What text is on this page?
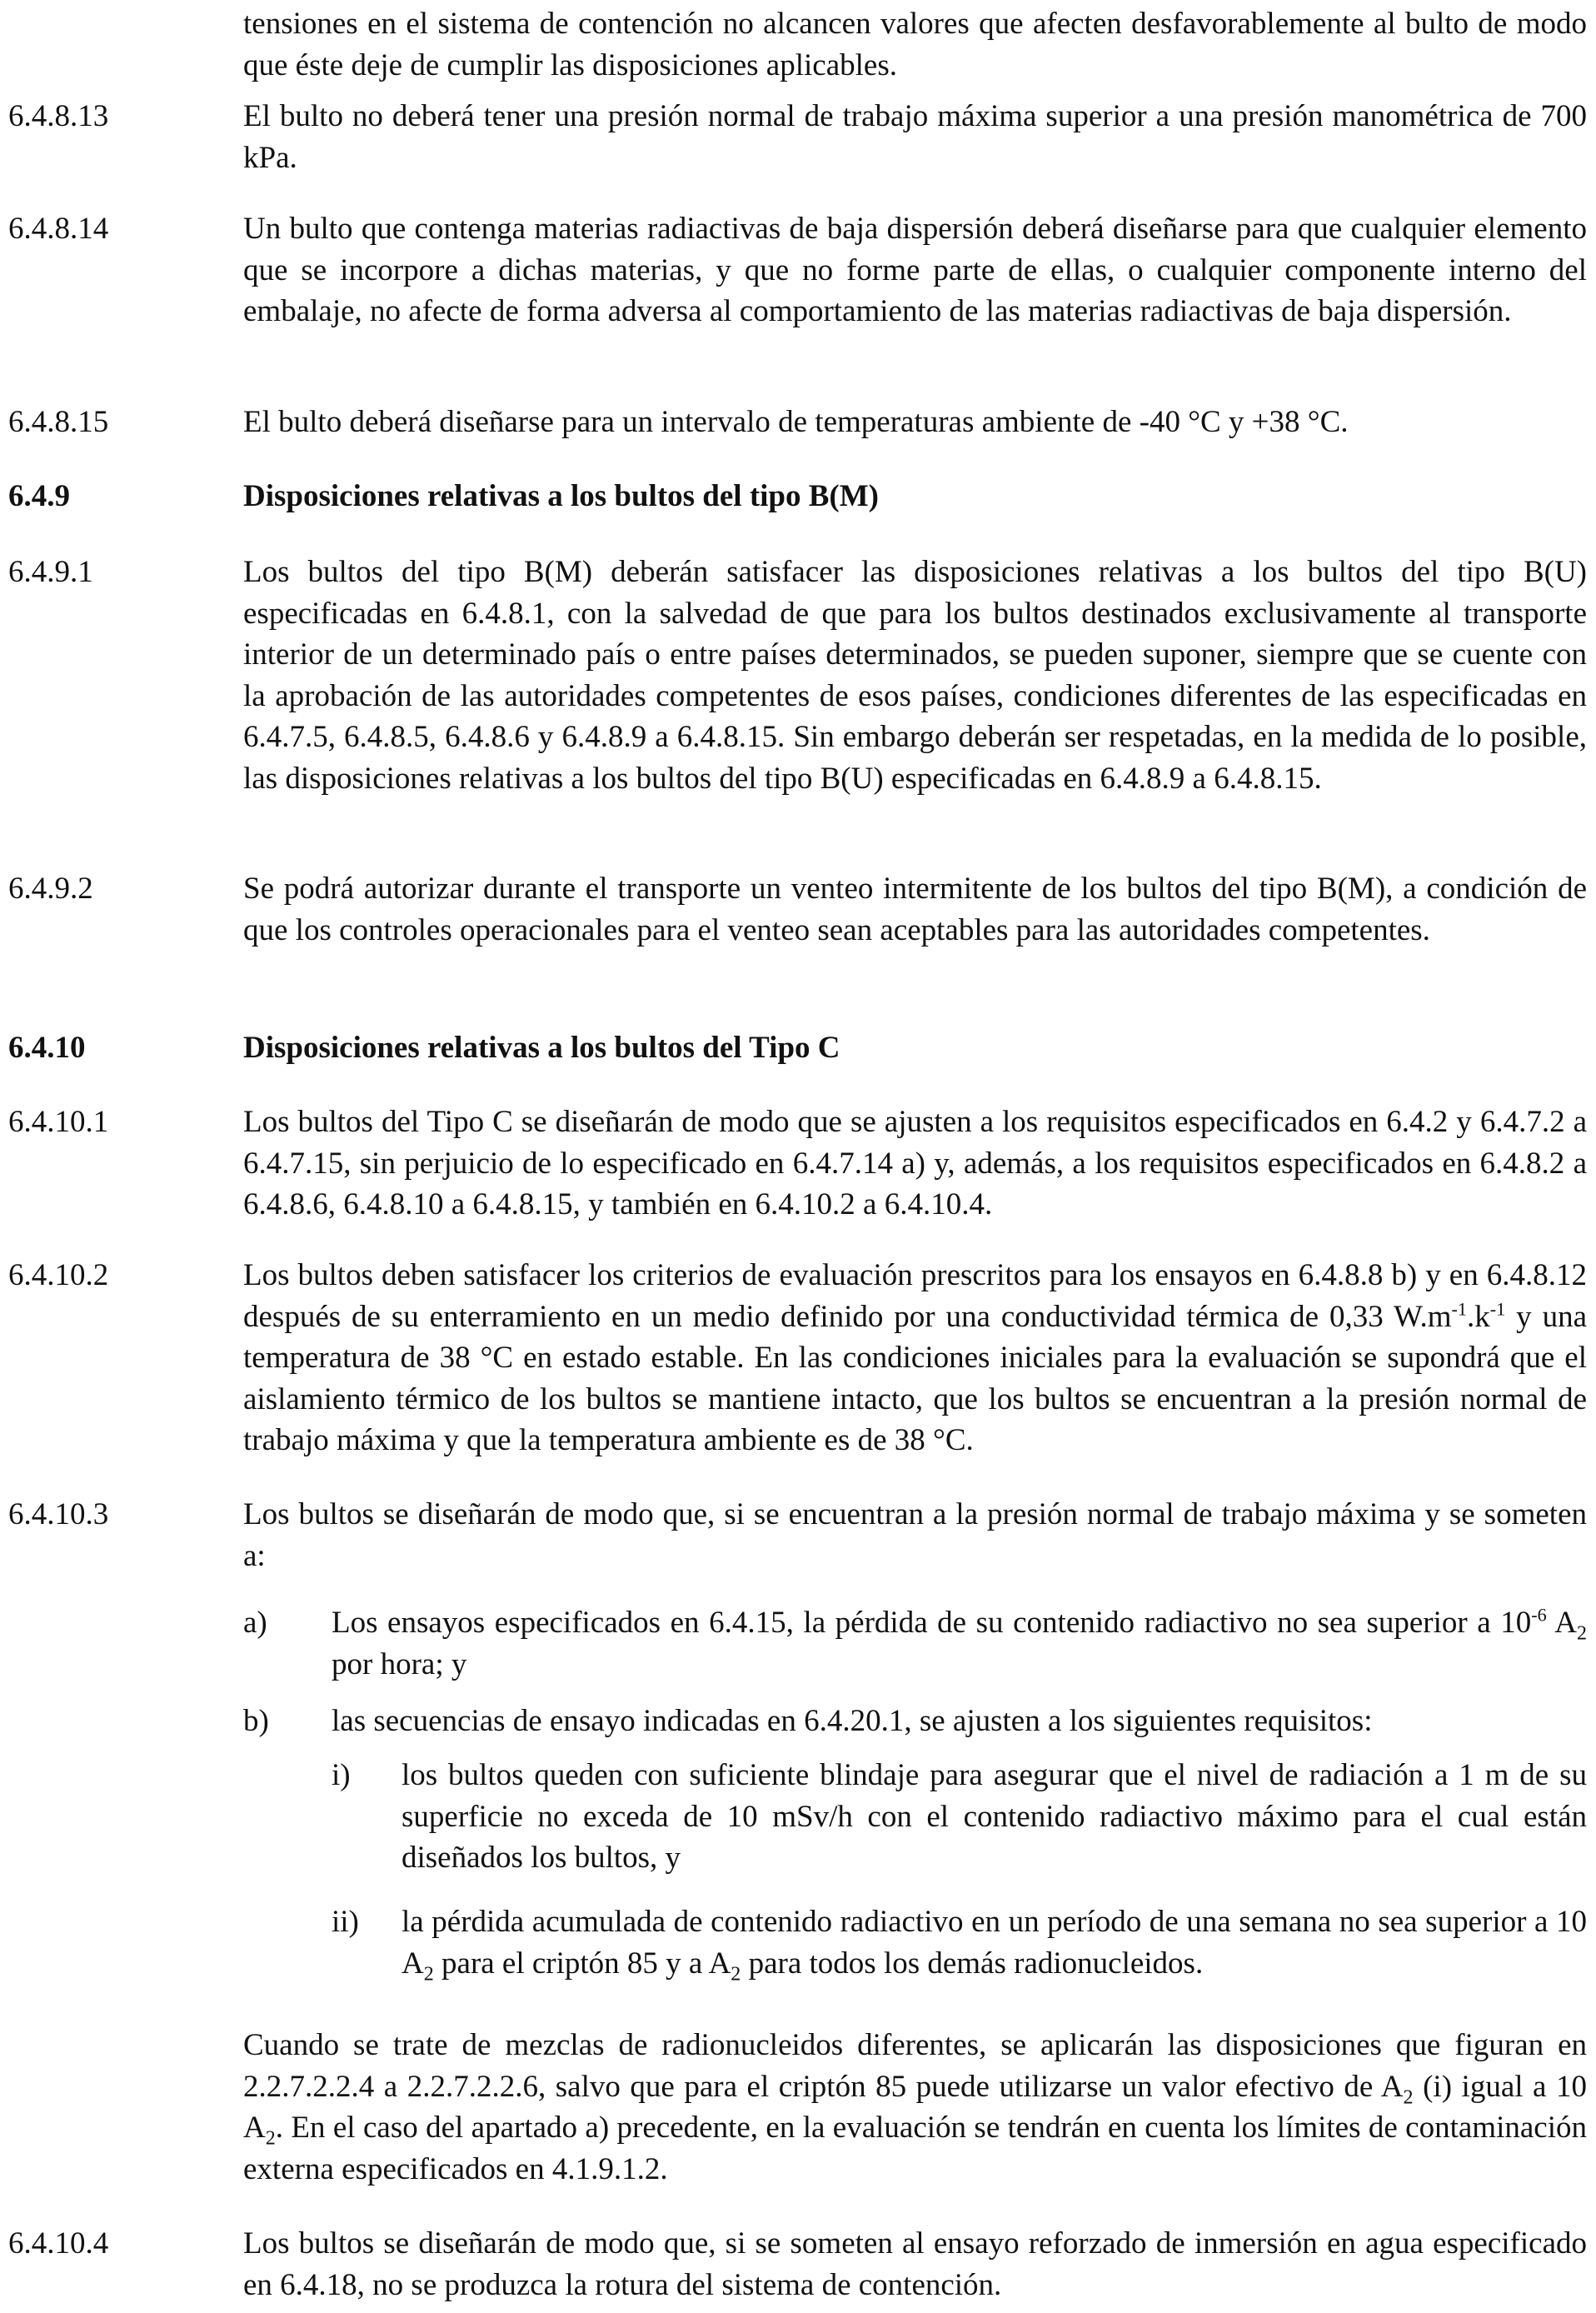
tensiones en el sistema de contención no alcancen valores que afecten desfavorablemente al bulto de modo que éste deje de cumplir las disposiciones aplicables.
6.4.8.13	El bulto no deberá tener una presión normal de trabajo máxima superior a una presión manométrica de 700 kPa.
6.4.8.14	Un bulto que contenga materias radiactivas de baja dispersión deberá diseñarse para que cualquier elemento que se incorpore a dichas materias, y que no forme parte de ellas, o cualquier componente interno del embalaje, no afecte de forma adversa al comportamiento de las materias radiactivas de baja dispersión.
6.4.8.15	El bulto deberá diseñarse para un intervalo de temperaturas ambiente de -40 °C y +38 °C.
6.4.9	Disposiciones relativas a los bultos del tipo B(M)
6.4.9.1	Los bultos del tipo B(M) deberán satisfacer las disposiciones relativas a los bultos del tipo B(U) especificadas en 6.4.8.1, con la salvedad de que para los bultos destinados exclusivamente al transporte interior de un determinado país o entre países determinados, se pueden suponer, siempre que se cuente con la aprobación de las autoridades competentes de esos países, condiciones diferentes de las especificadas en 6.4.7.5, 6.4.8.5, 6.4.8.6 y 6.4.8.9 a 6.4.8.15. Sin embargo deberán ser respetadas, en la medida de lo posible, las disposiciones relativas a los bultos del tipo B(U) especificadas en 6.4.8.9 a 6.4.8.15.
6.4.9.2	Se podrá autorizar durante el transporte un venteo intermitente de los bultos del tipo B(M), a condición de que los controles operacionales para el venteo sean aceptables para las autoridades competentes.
6.4.10	Disposiciones relativas a los bultos del Tipo C
6.4.10.1	Los bultos del Tipo C se diseñarán de modo que se ajusten a los requisitos especificados en 6.4.2 y 6.4.7.2 a 6.4.7.15, sin perjuicio de lo especificado en 6.4.7.14 a) y, además, a los requisitos especificados en 6.4.8.2 a 6.4.8.6, 6.4.8.10 a 6.4.8.15, y también en 6.4.10.2 a 6.4.10.4.
6.4.10.2	Los bultos deben satisfacer los criterios de evaluación prescritos para los ensayos en 6.4.8.8 b) y en 6.4.8.12 después de su enterramiento en un medio definido por una conductividad térmica de 0,33 $W.m^{-1}.k^{-1}$ y una temperatura de 38 °C en estado estable. En las condiciones iniciales para la evaluación se supondrá que el aislamiento térmico de los bultos se mantiene intacto, que los bultos se encuentran a la presión normal de trabajo máxima y que la temperatura ambiente es de 38 °C.
6.4.10.3	Los bultos se diseñarán de modo que, si se encuentran a la presión normal de trabajo máxima y se someten a:
a) Los ensayos especificados en 6.4.15, la pérdida de su contenido radiactivo no sea superior a $10^{-6}$ $A_2$ por hora; y
b) las secuencias de ensayo indicadas en 6.4.20.1, se ajusten a los siguientes requisitos:
i) los bultos queden con suficiente blindaje para asegurar que el nivel de radiación a 1 m de su superficie no exceda de 10 mSv/h con el contenido radiactivo máximo para el cual están diseñados los bultos, y
ii) la pérdida acumulada de contenido radiactivo en un período de una semana no sea superior a 10 $A_2$ para el criptón 85 y a $A_2$ para todos los demás radionucleidos.
Cuando se trate de mezclas de radionucleidos diferentes, se aplicarán las disposiciones que figuran en 2.2.7.2.2.4 a 2.2.7.2.2.6, salvo que para el criptón 85 puede utilizarse un valor efectivo de $A_2$ (i) igual a 10 $A_2$. En el caso del apartado a) precedente, en la evaluación se tendrán en cuenta los límites de contaminación externa especificados en 4.1.9.1.2.
6.4.10.4	Los bultos se diseñarán de modo que, si se someten al ensayo reforzado de inmersión en agua especificado en 6.4.18, no se produzca la rotura del sistema de contención.
